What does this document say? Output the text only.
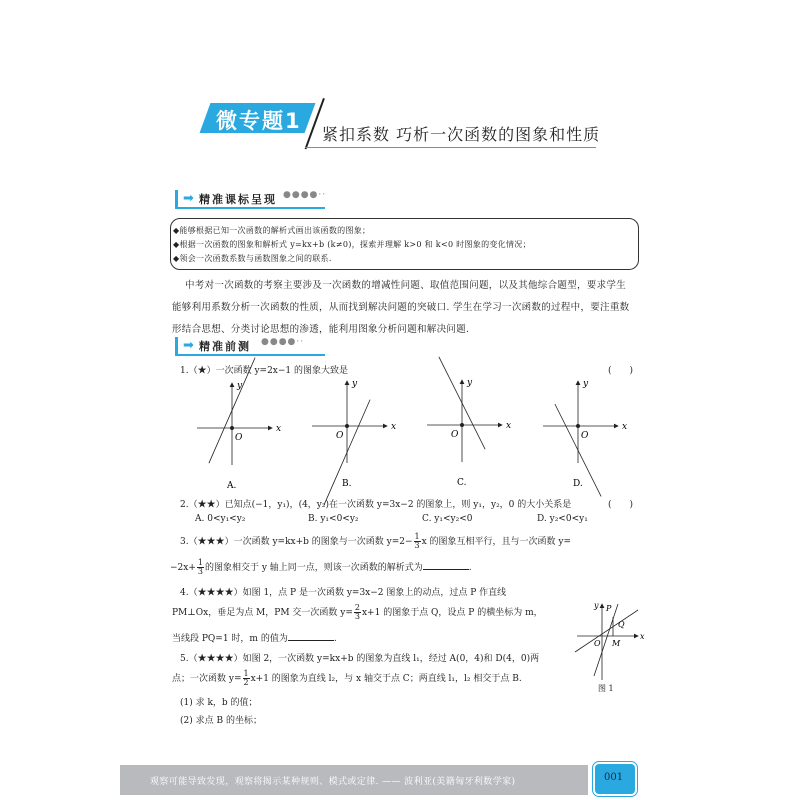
微专题1
紧扣系数 巧析一次函数的图象和性质
➡ 精准课标呈现 ●●●●··
◆能够根据已知一次函数的解析式画出该函数的图象；
◆根据一次函数的图象和解析式 y=kx+b (k≠0)，探索并理解 k>0 和 k<0 时图象的变化情况；
◆领会一次函数系数与函数图象之间的联系.
中考对一次函数的考察主要涉及一次函数的增减性问题、取值范围问题，以及其他综合题型，要求学生
能够利用系数分析一次函数的性质，从而找到解决问题的突破口. 学生在学习一次函数的过程中，要注重数
形结合思想、分类讨论思想的渗透，能利用图象分析问题和解决问题.
➡ 精准前测 ●●●●··
1.（★）一次函数 y=2x−1 的图象大致是	(　　)
x
y
O
A.
x
y
O
B.
x
y
O
C.
x
y
O
D.
2.（★★）已知点(−1，y₁)，(4，y₂)在一次函数 y=3x−2 的图象上，则 y₁，y₂，0 的大小关系是	(　　)
A. 0<y₁<y₂	B. y₁<0<y₂	C. y₁<y₂<0	D. y₂<0<y₁
3.（★★★）一次函数 y=kx+b 的图象与一次函数 $y=2- \frac{1}{3}$ x 的图象互相平行，且与一次函数 y=
$-2x+ \frac{1}{3}$ 的图象相交于 y 轴上同一点，则该一次函数的解析式为	.
4.（★★★★）如图 1，点 P 是一次函数 y=3x−2 图象上的动点，过点 P 作直线
PM⊥Ox，垂足为点 M，PM 交一次函数 $y= \frac{2}{3} x+1$ 的图象于点 Q，设点 P 的横坐标为 m，
当线段 PQ=1 时，m 的值为	.
5.（★★★★）如图 2，一次函数 y=kx+b 的图象为直线 l₁，经过 A(0，4)和 D(4，0)两
点；一次函数 $y= \frac{1}{2} x+1$ 的图象为直线 l₂，与 x 轴交于点 C；两直线 l₁，l₂ 相交于点 B.
(1) 求 k，b 的值；
(2) 求点 B 的坐标；
y
x
P
Q
O M
图 1
观察可能导致发现，观察将揭示某种规则、模式或定律. —— 波利亚(美籍匈牙利数学家)	001
